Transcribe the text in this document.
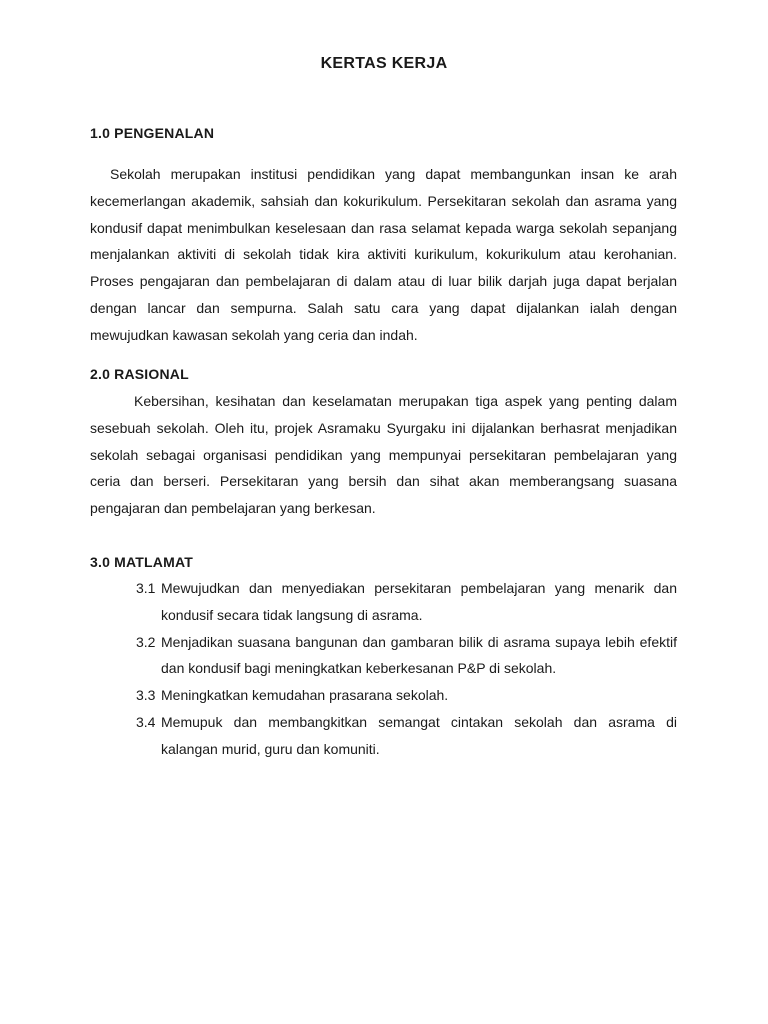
KERTAS KERJA
1.0 PENGENALAN

Sekolah merupakan institusi pendidikan yang dapat membangunkan insan ke arah kecemerlangan akademik, sahsiah dan kokurikulum. Persekitaran sekolah dan asrama yang kondusif dapat menimbulkan keselesaan dan rasa selamat kepada warga sekolah sepanjang menjalankan aktiviti di sekolah tidak kira aktiviti kurikulum, kokurikulum atau kerohanian. Proses pengajaran dan pembelajaran di dalam atau di luar bilik darjah juga dapat berjalan dengan lancar dan sempurna. Salah satu cara yang dapat dijalankan ialah dengan mewujudkan kawasan sekolah yang ceria dan indah.

2.0 RASIONAL

Kebersihan, kesihatan dan keselamatan merupakan tiga aspek yang penting dalam sesebuah sekolah. Oleh itu, projek Asramaku Syurgaku ini dijalankan berhasrat menjadikan sekolah sebagai organisasi pendidikan yang mempunyai persekitaran pembelajaran yang ceria dan berseri. Persekitaran yang bersih dan sihat akan memberangsang suasana pengajaran dan pembelajaran yang berkesan.

3.0 MATLAMAT
3.1 Mewujudkan dan menyediakan persekitaran pembelajaran yang menarik dan kondusif secara tidak langsung di asrama.
3.2 Menjadikan suasana bangunan dan gambaran bilik di asrama supaya lebih efektif dan kondusif bagi meningkatkan keberkesanan P&P di sekolah.
3.3 Meningkatkan kemudahan prasarana sekolah.
3.4 Memupuk dan membangkitkan semangat cintakan sekolah dan asrama di kalangan murid, guru dan komuniti.
